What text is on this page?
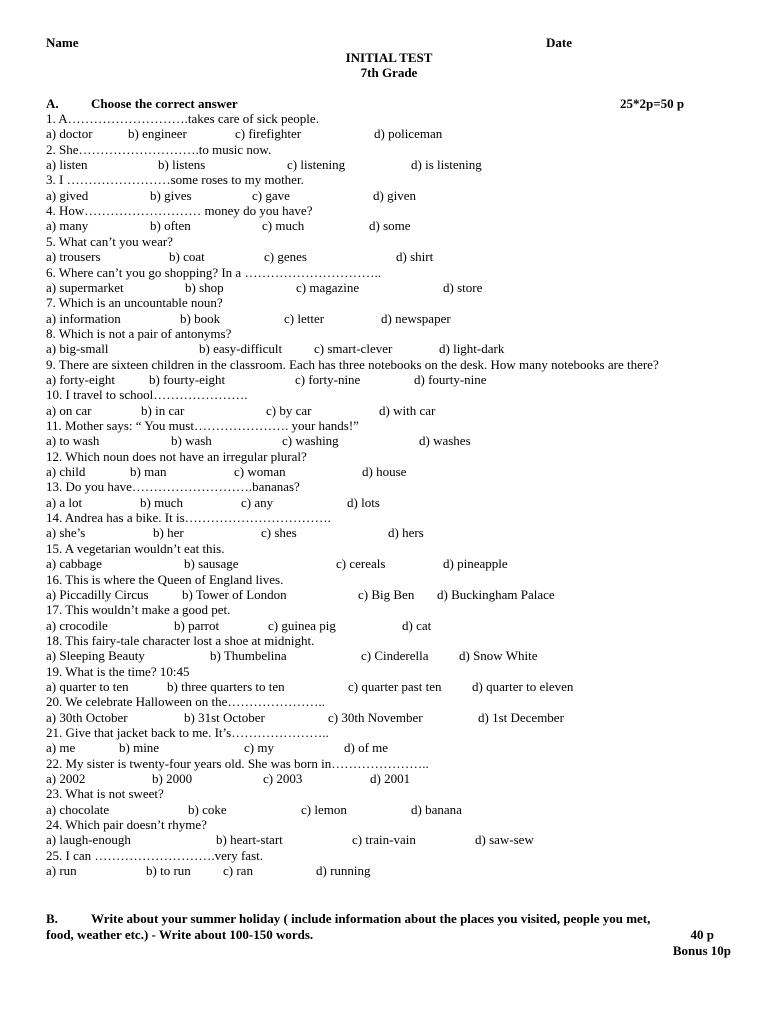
Name	Date
INITIAL TEST
7th Grade
A. Choose the correct answer	25*2p=50 p
1. A……………………….takes care of sick people.
a) doctor	b) engineer	c) firefighter	d) policeman
2. She……………………….to music now.
a) listen	b) listens	c) listening	d) is listening
3. I ……………………some roses to my mother.
a) gived	b) gives	c) gave	d) given
4. How……………………… money do you have?
a) many	b) often	c) much	d) some
5. What can’t you wear?
a) trousers	b) coat	c) genes	d) shirt
6. Where can’t you go shopping? In a …………………………..
a) supermarket	b) shop	c) magazine	d) store
7. Which is an uncountable noun?
a) information	b) book	c) letter	d) newspaper
8. Which is not a pair of antonyms?
a) big-small	b) easy-difficult c) smart-clever	d) light-dark
9. There are sixteen children in the classroom. Each has three notebooks on the desk. How many notebooks are there?
a) forty-eight	b) fourty-eight	c) forty-nine	d) fourty-nine
10. I travel to school………………….
a) on car	b) in car	c) by car	d) with car
11. Mother says: “ You must…………………. your hands!”
a) to wash	b) wash	c) washing	d) washes
12. Which noun does not have an irregular plural?
a) child	b) man	c) woman	d) house
13. Do you have……………………….bananas?
a) a lot	b) much	c) any	d) lots
14. Andrea has a bike. It is…………………………….
a) she’s	b) her	c) shes	d) hers
15. A vegetarian wouldn’t eat this.
a) cabbage	b) sausage	c) cereals	d) pineapple
16. This is where the Queen of England lives.
a) Piccadilly Circus	b) Tower of London	c) Big Ben d) Buckingham Palace
17. This wouldn’t make a good pet.
a) crocodile	b) parrot	c) guinea pig	d) cat
18. This fairy-tale character lost a shoe at midnight.
a) Sleeping Beauty	b) Thumbelina	c) Cinderella d) Snow White
19. What is the time? 10:45
a) quarter to ten	b) three quarters to ten	c) quarter past ten d) quarter to eleven
20. We celebrate Halloween on the…………………..
a) 30th October	b) 31st October	c) 30th November	d) 1st December
21. Give that jacket back to me. It’s…………………..
a) me	b) mine	c) my	d) of me
22. My sister is twenty-four years old. She was born in…………………..
a) 2002	b) 2000	c) 2003	d) 2001
23. What is not sweet?
a) chocolate	b) coke	c) lemon	d) banana
24. Which pair doesn’t rhyme?
a) laugh-enough	b) heart-start	c) train-vain	d) saw-sew
25. I can ……………………….very fast.
a) run	b) to run c) ran	d) running
B.	Write about your summer holiday ( include information about the places you visited, people you met,
food, weather etc.) - Write about 100-150 words.	40 p
Bonus 10p
